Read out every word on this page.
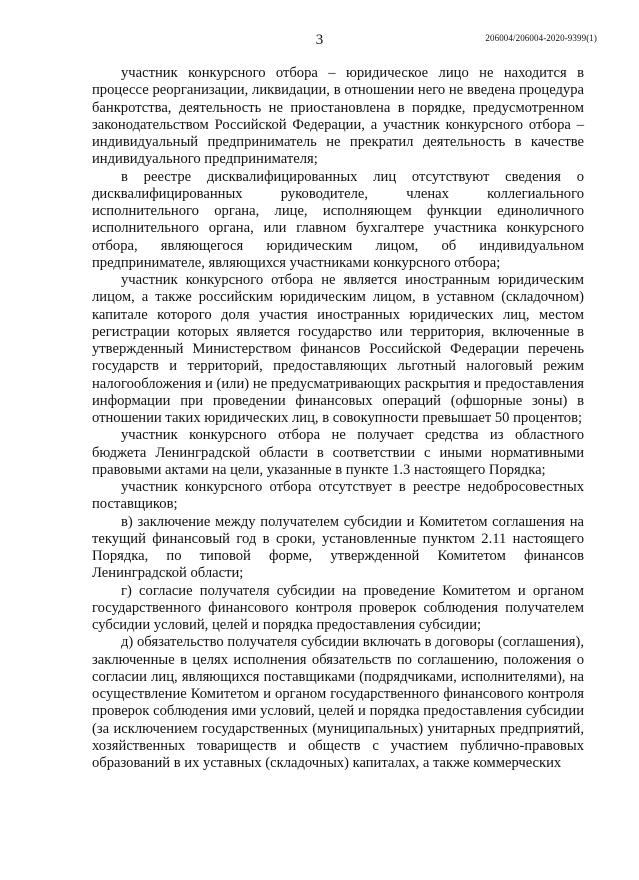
3	206004/206004-2020-9399(1)

участник конкурсного отбора – юридическое лицо не находится в процессе реорганизации, ликвидации, в отношении него не введена процедура банкротства, деятельность не приостановлена в порядке, предусмотренном законодательством Российской Федерации, а участник конкурсного отбора – индивидуальный предприниматель не прекратил деятельность в качестве индивидуального предпринимателя;

в реестре дисквалифицированных лиц отсутствуют сведения о дисквалифицированных руководителе, членах коллегиального исполнительного органа, лице, исполняющем функции единоличного исполнительного органа, или главном бухгалтере участника конкурсного отбора, являющегося юридическим лицом, об индивидуальном предпринимателе, являющихся участниками конкурсного отбора;

участник конкурсного отбора не является иностранным юридическим лицом, а также российским юридическим лицом, в уставном (складочном) капитале которого доля участия иностранных юридических лиц, местом регистрации которых является государство или территория, включенные в утвержденный Министерством финансов Российской Федерации перечень государств и территорий, предоставляющих льготный налоговый режим налогообложения и (или) не предусматривающих раскрытия и предоставления информации при проведении финансовых операций (офшорные зоны) в отношении таких юридических лиц, в совокупности превышает 50 процентов;

участник конкурсного отбора не получает средства из областного бюджета Ленинградской области в соответствии с иными нормативными правовыми актами на цели, указанные в пункте 1.3 настоящего Порядка;

участник конкурсного отбора отсутствует в реестре недобросовестных поставщиков;

в) заключение между получателем субсидии и Комитетом соглашения на текущий финансовый год в сроки, установленные пунктом 2.11 настоящего Порядка, по типовой форме, утвержденной Комитетом финансов Ленинградской области;

г) согласие получателя субсидии на проведение Комитетом и органом государственного финансового контроля проверок соблюдения получателем субсидии условий, целей и порядка предоставления субсидии;

д) обязательство получателя субсидии включать в договоры (соглашения), заключенные в целях исполнения обязательств по соглашению, положения о согласии лиц, являющихся поставщиками (подрядчиками, исполнителями), на осуществление Комитетом и органом государственного финансового контроля проверок соблюдения ими условий, целей и порядка предоставления субсидии (за исключением государственных (муниципальных) унитарных предприятий, хозяйственных товариществ и обществ с участием публично-правовых образований в их уставных (складочных) капиталах, а также коммерческих
